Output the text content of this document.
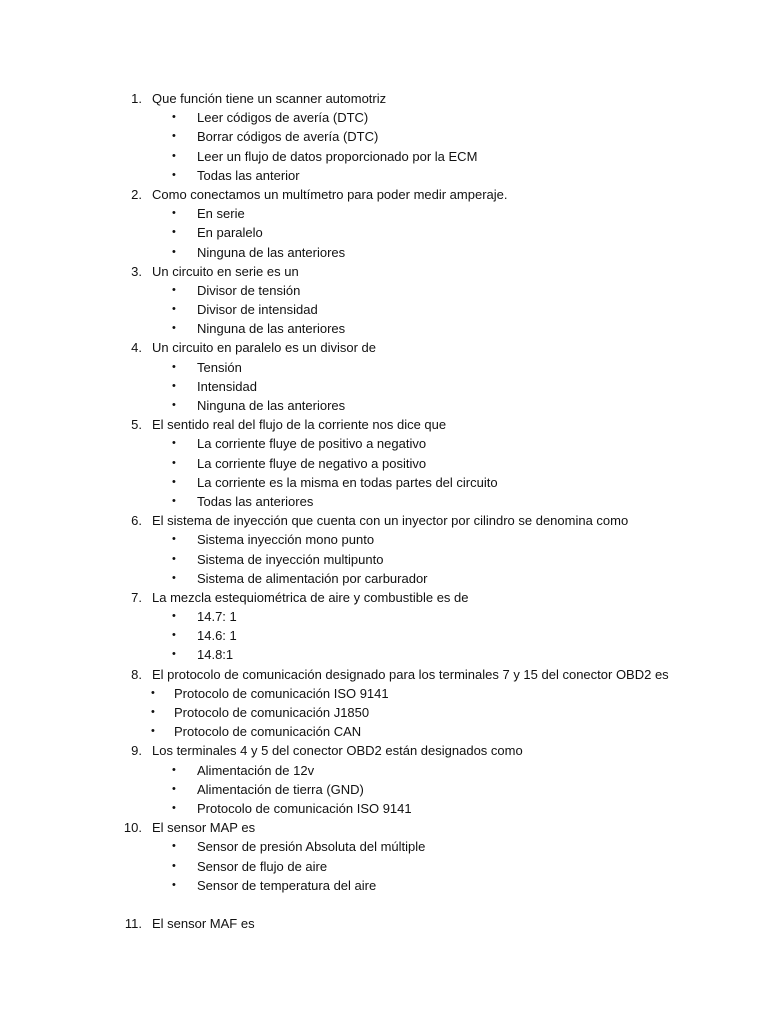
1. Que función tiene un scanner automotriz
• Leer códigos de avería (DTC)
• Borrar códigos de avería (DTC)
• Leer un flujo de datos proporcionado por la ECM
• Todas las anterior
2. Como conectamos un multímetro para poder medir amperaje.
• En serie
• En paralelo
• Ninguna de las anteriores
3. Un circuito en serie es un
• Divisor de tensión
• Divisor de intensidad
• Ninguna de las anteriores
4. Un circuito en paralelo es un divisor de
• Tensión
• Intensidad
• Ninguna de las anteriores
5. El sentido real del flujo de la corriente nos dice que
• La corriente fluye de positivo a negativo
• La corriente fluye de negativo a positivo
• La corriente es la misma en todas partes del circuito
• Todas las anteriores
6. El sistema de inyección que cuenta con un inyector por cilindro se denomina como
• Sistema inyección mono punto
• Sistema de inyección multipunto
• Sistema de alimentación por carburador
7. La mezcla estequiométrica de aire y combustible es de
• 14.7: 1
• 14.6: 1
• 14.8:1
8. El protocolo de comunicación designado para los terminales 7 y 15 del conector OBD2 es
• Protocolo de comunicación ISO 9141
• Protocolo de comunicación J1850
• Protocolo de comunicación CAN
9. Los terminales 4 y 5 del conector OBD2 están designados como
• Alimentación de 12v
• Alimentación de tierra (GND)
• Protocolo de comunicación ISO 9141
10. El sensor MAP es
• Sensor de presión Absoluta del múltiple
• Sensor de flujo de aire
• Sensor de temperatura del aire
11. El sensor MAF es
